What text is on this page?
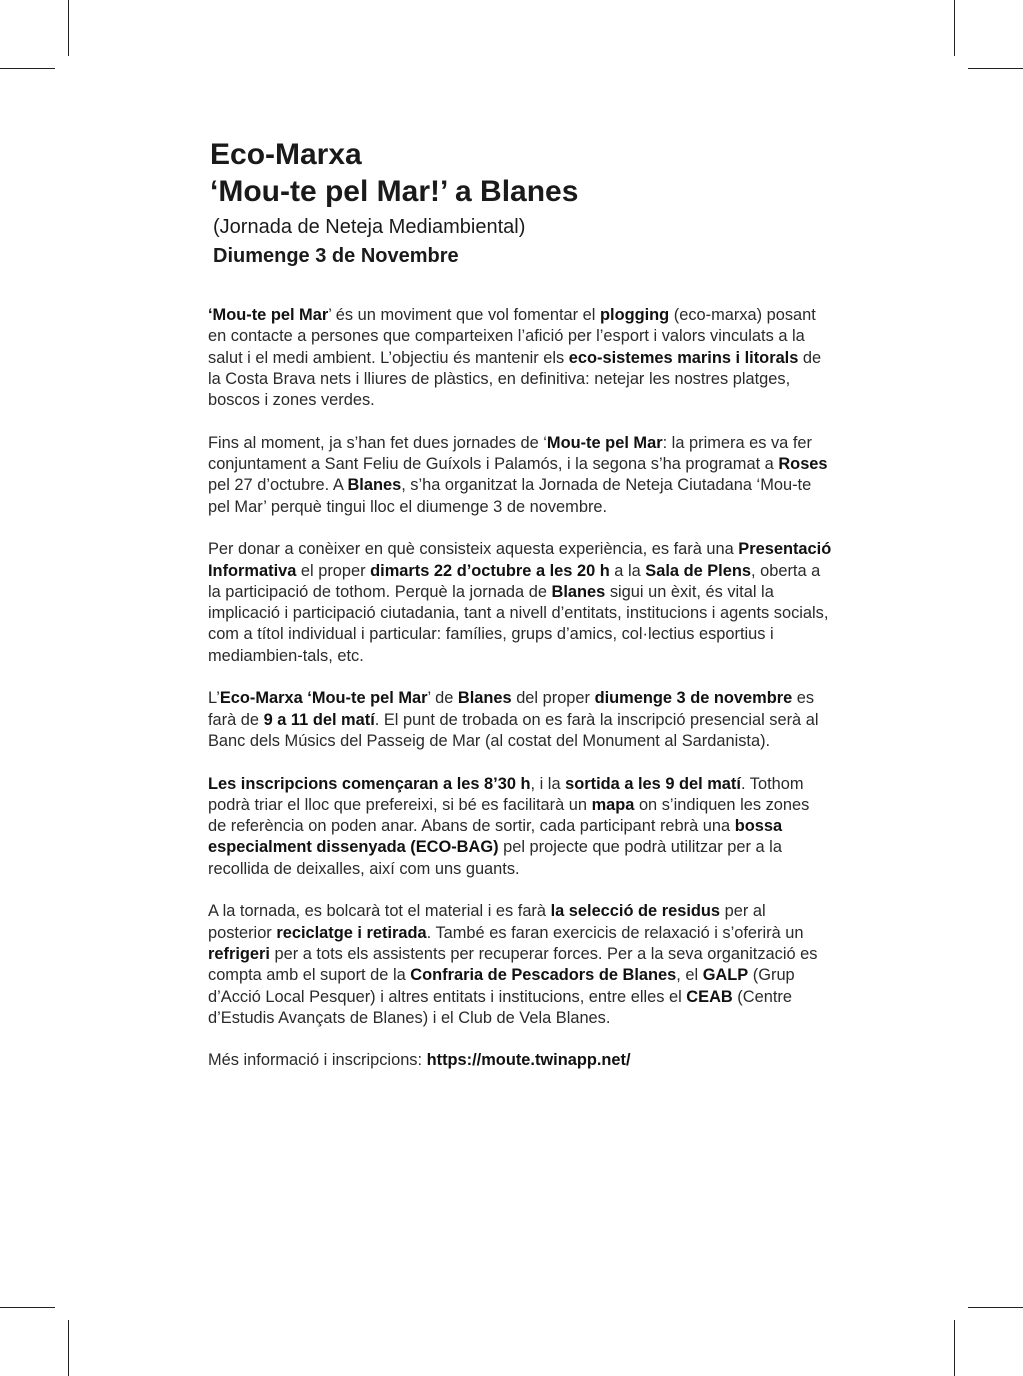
Eco-Marxa
‘Mou-te pel Mar!’ a Blanes

(Jornada de Neteja Mediambiental)

Diumenge 3 de Novembre

‘Mou-te pel Mar’ és un moviment que vol fomentar el plogging (eco-marxa) posant en contacte a persones que comparteixen l’afició per l’esport i valors vinculats a la salut i el medi ambient. L’objectiu és mantenir els eco-sistemes marins i litorals de la Costa Brava nets i lliures de plàstics, en definitiva: netejar les nostres platges, boscos i zones verdes.

Fins al moment, ja s’han fet dues jornades de ‘Mou-te pel Mar: la primera es va fer conjuntament a Sant Feliu de Guíxols i Palamós, i la segona s’ha programat a Roses pel 27 d’octubre. A Blanes, s’ha organitzat la Jornada de Neteja Ciutadana ‘Mou-te pel Mar’ perquè tingui lloc el diumenge 3 de novembre.

Per donar a conèixer en què consisteix aquesta experiència, es farà una Presentació Informativa el proper dimarts 22 d’octubre a les 20 h a la Sala de Plens, oberta a la participació de tothom. Perquè la jornada de Blanes sigui un èxit, és vital la implicació i participació ciutadania, tant a nivell d’entitats, institucions i agents socials, com a títol individual i particular: famílies, grups d’amics, col·lectius esportius i mediambien-tals, etc.

L’Eco-Marxa ‘Mou-te pel Mar’ de Blanes del proper diumenge 3 de novembre es farà de 9 a 11 del matí. El punt de trobada on es farà la inscripció presencial serà al Banc dels Músics del Passeig de Mar (al costat del Monument al Sardanista).

Les inscripcions començaran a les 8’30 h, i la sortida a les 9 del matí. Tothom podrà triar el lloc que prefereixi, si bé es facilitarà un mapa on s’indiquen les zones de referència on poden anar. Abans de sortir, cada participant rebrà una bossa especialment dissenyada (ECO-BAG) pel projecte que podrà utilitzar per a la recollida de deixalles, així com uns guants.

A la tornada, es bolcarà tot el material i es farà la selecció de residus per al posterior reciclatge i retirada. També es faran exercicis de relaxació i s’oferirà un refrigeri per a tots els assistents per recuperar forces. Per a la seva organització es compta amb el suport de la Confraria de Pescadors de Blanes, el GALP (Grup d’Acció Local Pesquer) i altres entitats i institucions, entre elles el CEAB (Centre d’Estudis Avançats de Blanes) i el Club de Vela Blanes.

Més informació i inscripcions: https://moute.twinapp.net/
